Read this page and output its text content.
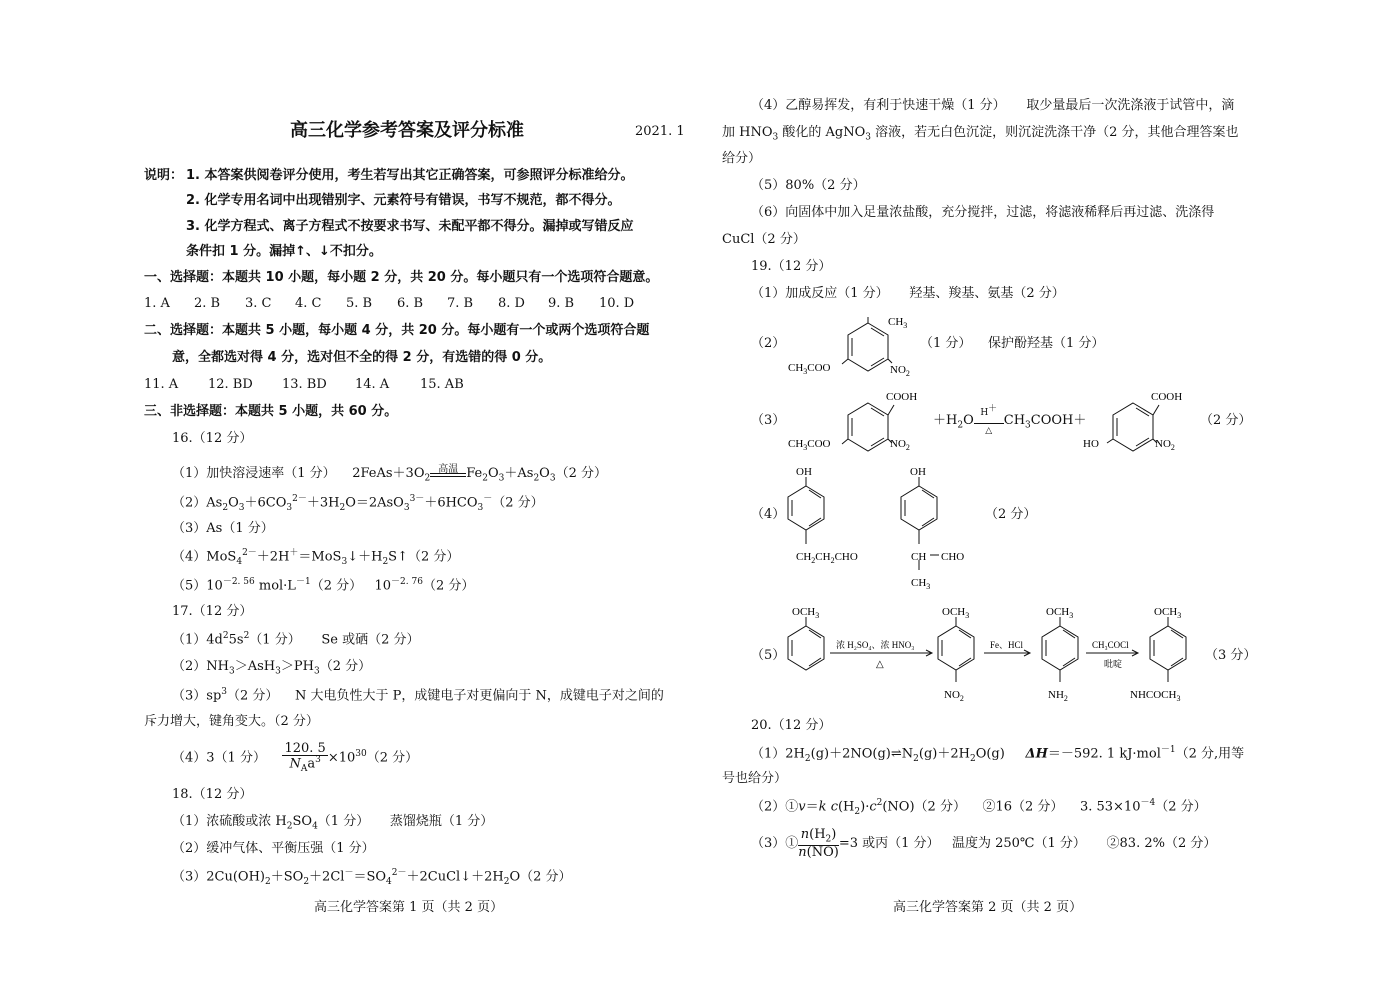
高三化学参考答案及评分标准	2021. 1
说明： 1. 本答案供阅卷评分使用，考生若写出其它正确答案，可参照评分标准给分。
2. 化学专用名词中出现错别字、元素符号有错误，书写不规范，都不得分。
3. 化学方程式、离子方程式不按要求书写、未配平都不得分。漏掉或写错反应
条件扣 1 分。漏掉↑、↓不扣分。
一、选择题：本题共 10 小题，每小题 2 分，共 20 分。每小题只有一个选项符合题意。
1. A 2. B 3. C 4. C 5. B 6. B 7. B 8. D 9. B 10. D
二、选择题：本题共 5 小题，每小题 4 分，共 20 分。每小题有一个或两个选项符合题
意，全都选对得 4 分，选对但不全的得 2 分，有选错的得 0 分。
11. A 12. BD 13. BD 14. A 15. AB
三、非选择题：本题共 5 小题，共 60 分。
16.（12 分）
（1）加快溶浸速率（1 分）    $2FeAs+3O_2$
高温 $Fe_2O_3+As_2O_3(2$ 分）
$(2)As_2O_3+6CO_3^{2-}+3H_2O=2AsO_3^{3-}+6HCO_3^-(2$ 分）
（3）As（1 分）
$(4)MoS_4^{2-}+2H^+=MoS_3↓+H_2S↑(2$ 分）
$(5)10^{-2. 56}$ $mol\cdot L^{-1}(2$ 分）   $10^{-2. 76}(2$ 分）
17.（12 分）
$(1)4d^25s^2(1$ 分） Se 或硒（2 分）
$(2)NH_3>AsH_3>PH_3(2$ 分）
$(3)sp^3(2$ 分） N 大电负性大于 P，成键电子对更偏向于 N，成键电子对之间的
斥力增大，键角变大。（2 分）
（4）3（1 分） $\frac{120. 5}{N_Aa^3} \times 10^{30}(2$ 分）
18.（12 分）
（1）浓硫酸或浓 $H_2SO_4(1$ 分） 蒸馏烧瓶（1 分）
（2）缓冲气体、平衡压强（1 分）
$(3)2Cu(OH)_2+SO_2+2Cl^-=SO_4^{2-}+2CuCl↓+2H_2O(2$ 分）
高三化学答案第 1 页（共 2 页）
（4）乙醇易挥发，有利于快速干燥（1 分） 取少量最后一次洗涤液于试管中，滴
加 $HNO_3$ 酸化的 AgNO$_3$ 溶液，若无白色沉淀，则沉淀洗涤干净（2 分，其他合理答案也
给分）
（5）80%（2 分）
（6）向固体中加入足量浓盐酸，充分搅拌，过滤，将滤液稀释后再过滤、洗涤得
CuCl（2 分）
19.（12 分）
（1）加成反应（1 分） 羟基、羧基、氨基（2 分）
（2）
$CH_3$
$NO_2$
$CH_3COO$
（1 分） 保护酚羟基（1 分）
（3）
COOH
$NO_2$
$CH_3COO$
$+H_2O$ H＋
△
$CH_3COOH+$
COOH
$NO_2$
HO
（2 分）
（4）
OH
$CH_2CH_2CHO$
OH
CH CHO
$CH_3$
（2 分）
（5）
$OCH_3$
浓 H₂SO₄、浓 HNO₃
△
$OCH_3$
$NO_2$
Fe、HCl
$OCH_3$
$NH_2$
CH₃COCl
吡啶
$OCH_3$
$NHCOCH_3$
（3 分）
20.（12 分）
$(1)2H_2(g)+2NO(g)\rightleftharpoons N_2(g)+2H_2O(g)$     ΔH＝－592. 1 kJ·mol$^{-1}$（2 分,用等
号也给分）
（2）①v＝k $c(H_2)\cdot c^2(NO)(2$ 分） ②16（2 分）    3. $53\times 10^{-4}(2$ 分）
（3）① $\frac{n(H_2)}{n(NO)} =3$ 或丙（1 分） 温度为 250℃（1 分） ②83. 2%（2 分）
高三化学答案第 2 页（共 2 页）
